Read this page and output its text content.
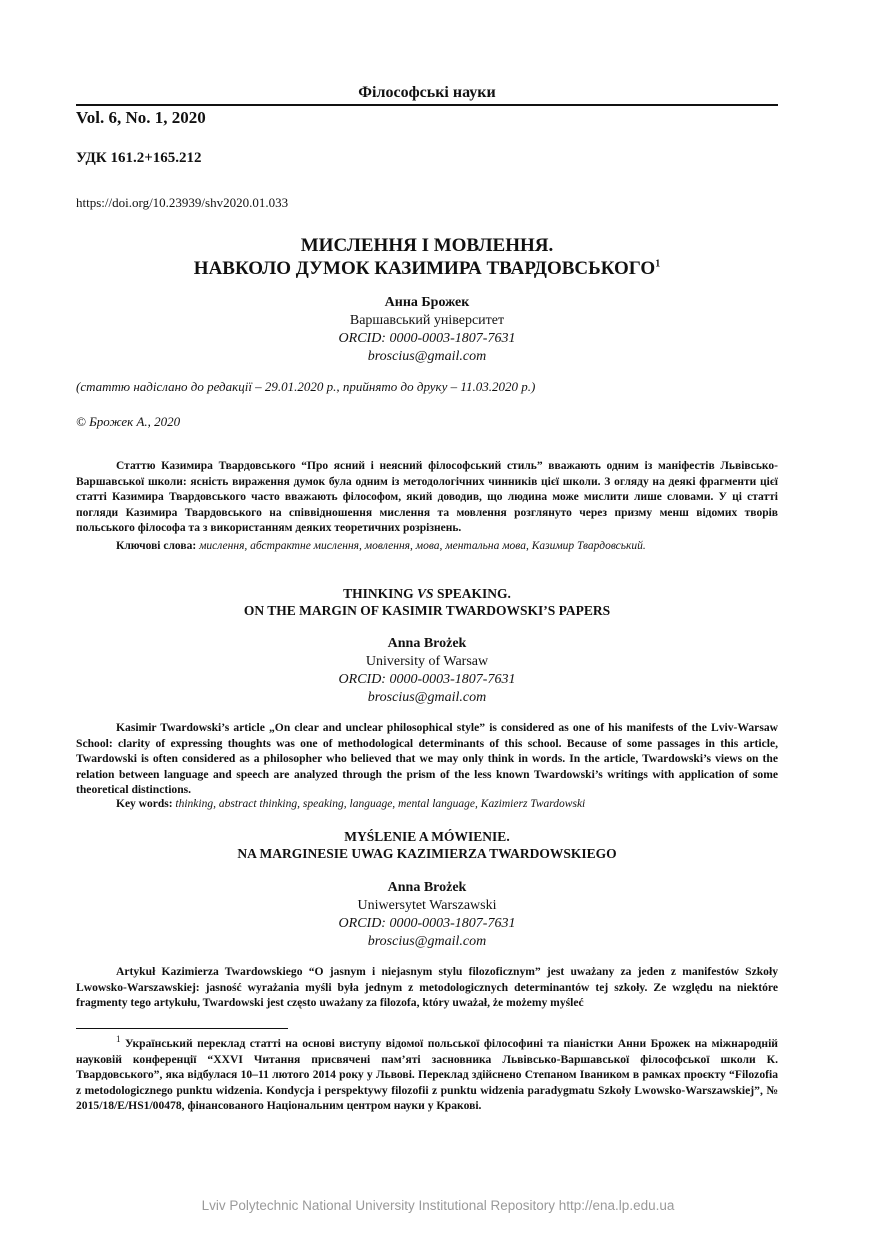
Філософські науки
Vol. 6, No. 1, 2020
УДК 161.2+165.212
https://doi.org/10.23939/shv2020.01.033
МИСЛЕННЯ І МОВЛЕННЯ.
НАВКОЛО ДУМОК КАЗИМИРА ТВАРДОВСЬКОГО$^1$
Анна Брожек
Варшавський університет
ORCID: 0000-0003-1807-7631
broscius@gmail.com
(статтю надіслано до редакції – 29.01.2020 р., прийнято до друку – 11.03.2020 р.)
© Брожек А., 2020

Статтю Казимира Твардовського “Про ясний і неясний філософський стиль” вважають одним із маніфестів Львівсько-Варшавської школи: ясність вираження думок була одним із методологічних чинників цієї школи. З огляду на деякі фрагменти цієї статті Казимира Твардовського часто вважають філософом, який доводив, що людина може мислити лише словами. У ці статті погляди Казимира Твардовського на співвідношення мислення та мовлення розглянуто через призму менш відомих творів польського філософа та з використанням деяких теоретичних розрізнень.

Ключові слова: мислення, абстрактне мислення, мовлення, мова, ментальна мова, Казимир Твардовський.
THINKING VS SPEAKING.
ON THE MARGIN OF KASIMIR TWARDOWSKI’S PAPERS
Anna Brożek
University of Warsaw
ORCID: 0000-0003-1807-7631
broscius@gmail.com

Kasimir Twardowski’s article „On clear and unclear philosophical style” is considered as one of his manifests of the Lviv-Warsaw School: clarity of expressing thoughts was one of methodological determinants of this school. Because of some passages in this article, Twardowski is often considered as a philosopher who believed that we may only think in words. In the article, Twardowski’s views on the relation between language and speech are analyzed through the prism of the less known Twardowski’s writings with application of some theoretical distinctions.

Key words: thinking, abstract thinking, speaking, language, mental language, Kazimierz Twardowski
MYŚLENIE A MÓWIENIE.
NA MARGINESIE UWAG KAZIMIERZA TWARDOWSKIEGO
Anna Brożek
Uniwersytet Warszawski
ORCID: 0000-0003-1807-7631
broscius@gmail.com

Artykuł Kazimierza Twardowskiego “O jasnym i niejasnym stylu filozoficznym” jest uważany za jeden z manifestów Szkoły Lwowsko-Warszawskiej: jasność wyrażania myśli była jednym z metodologicznych determinantów tej szkoły. Ze względu na niektóre fragmenty tego artykułu, Twardowski jest często uważany za filozofa, który uważał, że możemy myśleć

$^1$ Український переклад статті на основі виступу відомої польської філософині та піаністки Анни Брожек на міжнародній науковій конференції “XXVI Читання присвячені пам’яті засновника Львівсько-Варшавської філософської школи К. Твардовського”, яка відбулася 10–11 лютого 2014 року у Львові. Переклад здійснено Степаном Іваником в рамках проєкту “Filozofia z metodologicznego punktu widzenia. Kondycja i perspektywy filozofii z punktu widzenia paradygmatu Szkoły Lwowsko-Warszawskiej”, № 2015/18/E/HS1/00478, фінансованого Національним центром науки у Кракові.

Lviv Polytechnic National University Institutional Repository http://ena.lp.edu.ua
